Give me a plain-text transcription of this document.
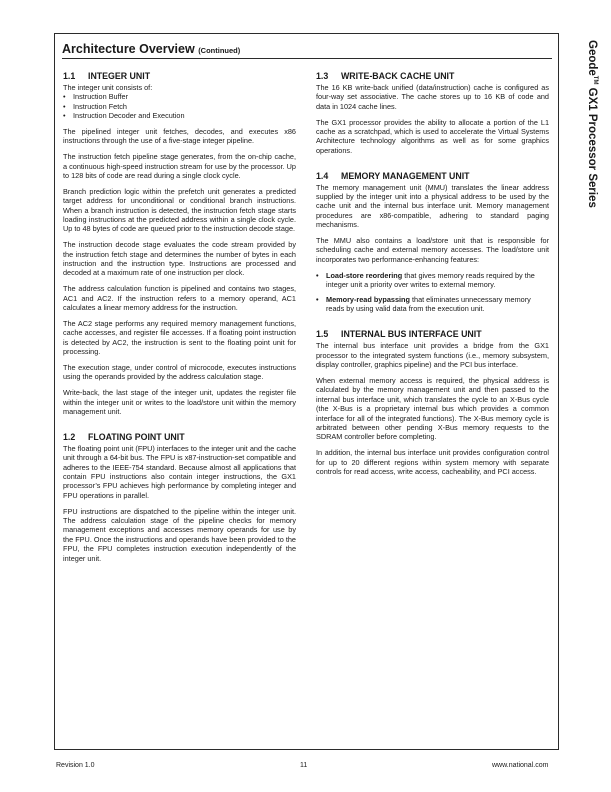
Architecture Overview (Continued)	Geode™ GX1 Processor Series
1.1 INTEGER UNIT

The integer unit consists of:

• Instruction Buffer
• Instruction Fetch
• Instruction Decoder and Execution

The pipelined integer unit fetches, decodes, and executes x86 instructions through the use of a five-stage integer pipeline.

The instruction fetch pipeline stage generates, from the on-chip cache, a continuous high-speed instruction stream for use by the processor. Up to 128 bits of code are read during a single clock cycle.

Branch prediction logic within the prefetch unit generates a predicted target address for unconditional or conditional branch instructions. When a branch instruction is detected, the instruction fetch stage starts loading instructions at the predicted address within a single clock cycle. Up to 48 bytes of code are queued prior to the instruction decode stage.

The instruction decode stage evaluates the code stream provided by the instruction fetch stage and determines the number of bytes in each instruction and the instruction type. Instructions are processed and decoded at a maximum rate of one instruction per clock.

The address calculation function is pipelined and contains two stages, AC1 and AC2. If the instruction refers to a memory operand, AC1 calculates a linear memory address for the instruction.

The AC2 stage performs any required memory management functions, cache accesses, and register file accesses. If a floating point instruction is detected by AC2, the instruction is sent to the floating point unit for processing.

The execution stage, under control of microcode, executes instructions using the operands provided by the address calculation stage.

Write-back, the last stage of the integer unit, updates the register file within the integer unit or writes to the load/store unit within the memory management unit.

1.2 FLOATING POINT UNIT

The floating point unit (FPU) interfaces to the integer unit and the cache unit through a 64-bit bus. The FPU is x87-instruction-set compatible and adheres to the IEEE-754 standard. Because almost all applications that contain FPU instructions also contain integer instructions, the GX1 processor’s FPU achieves high performance by completing integer and FPU operations in parallel.

FPU instructions are dispatched to the pipeline within the integer unit. The address calculation stage of the pipeline checks for memory management exceptions and accesses memory operands for use by the FPU. Once the instructions and operands have been provided to the FPU, the FPU completes instruction execution independently of the integer unit.

1.3 WRITE-BACK CACHE UNIT

The 16 KB write-back unified (data/instruction) cache is configured as four-way set associative. The cache stores up to 16 KB of code and data in 1024 cache lines.

The GX1 processor provides the ability to allocate a portion of the L1 cache as a scratchpad, which is used to accelerate the Virtual Systems Architecture technology algorithms as well as for some graphics operations.

1.4 MEMORY MANAGEMENT UNIT

The memory management unit (MMU) translates the linear address supplied by the integer unit into a physical address to be used by the cache unit and the internal bus interface unit. Memory management procedures are x86-compatible, adhering to standard paging mechanisms.

The MMU also contains a load/store unit that is responsible for scheduling cache and external memory accesses. The load/store unit incorporates two performance-enhancing features:

• Load-store reordering that gives memory reads required by the integer unit a priority over writes to external memory.
• Memory-read bypassing that eliminates unnecessary memory reads by using valid data from the execution unit.
1.5 INTERNAL BUS INTERFACE UNIT

The internal bus interface unit provides a bridge from the GX1 processor to the integrated system functions (i.e., memory subsystem, display controller, graphics pipeline) and the PCI bus interface.

When external memory access is required, the physical address is calculated by the memory management unit and then passed to the internal bus interface unit, which translates the cycle to an X-Bus cycle (the X-Bus is a proprietary internal bus which provides a common interface for all of the integrated functions). The X-Bus memory cycle is arbitrated between other pending X-Bus memory requests to the SDRAM controller before completing.

In addition, the internal bus interface unit provides configuration control for up to 20 different regions within system memory with separate controls for read access, write access, cacheability, and PCI access.

Revision 1.0	11	www.national.com
